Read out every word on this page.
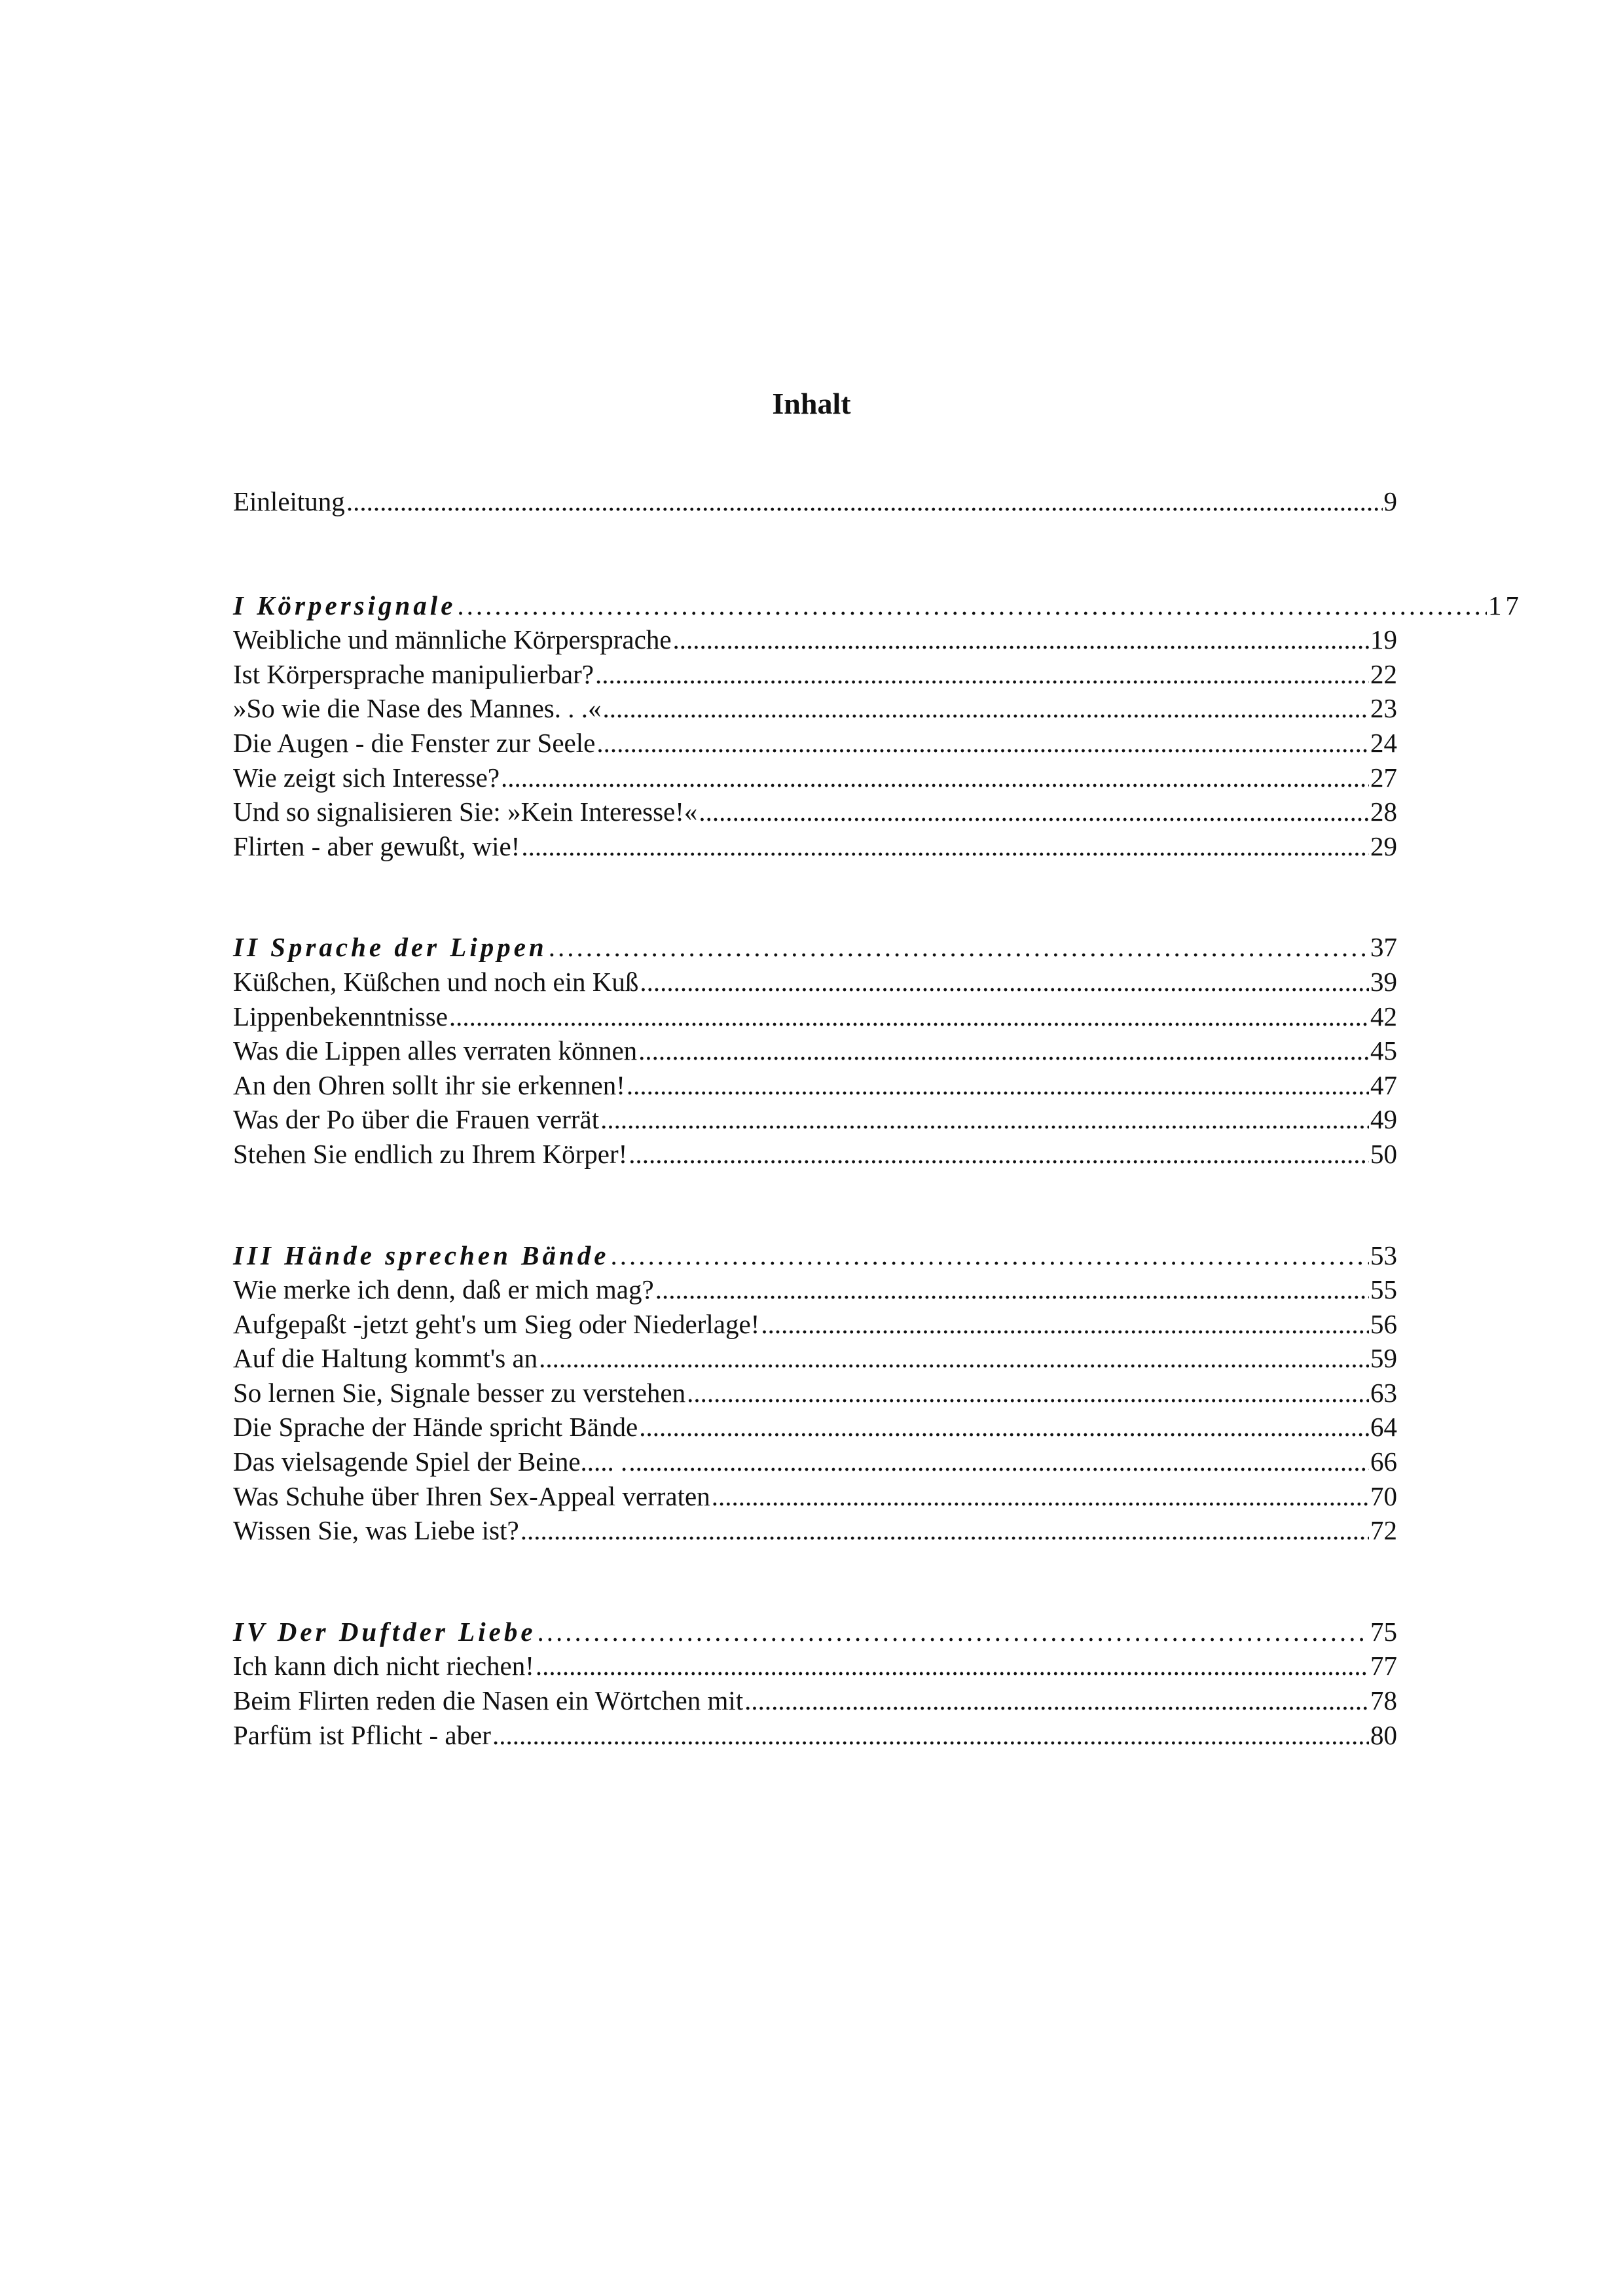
Inhalt
Einleitung .....	9
I Körpersignale .....	17
Weibliche und männliche Körpersprache .....	19
Ist Körpersprache manipulierbar? .....	22
»So wie die Nase des Mannes. . .« .....	23
Die Augen - die Fenster zur Seele .....	24
Wie zeigt sich Interesse? .....	27
Und so signalisieren Sie: »Kein Interesse!« .....	28
Flirten - aber gewußt, wie! .....	29
II Sprache der Lippen .....	37
Küßchen, Küßchen und noch ein Kuß .....	39
Lippenbekenntnisse .....	42
Was die Lippen alles verraten können .....	45
An den Ohren sollt ihr sie erkennen! .....	47
Was der Po über die Frauen verrät .....	49
Stehen Sie endlich zu Ihrem Körper! .....	50
III Hände sprechen Bände .....	53
Wie merke ich denn, daß er mich mag? .....	55
Aufgepaßt -jetzt geht's um Sieg oder Niederlage! .....	56
Auf die Haltung kommt's an .....	59
So lernen Sie, Signale besser zu verstehen .....	63
Die Sprache der Hände spricht Bände .....	64
Das vielsagende Spiel der Beine..... . .....	66
Was Schuhe über Ihren Sex-Appeal verraten .....	70
Wissen Sie, was Liebe ist? .....	72
IV Der Duftder Liebe .....	75
Ich kann dich nicht riechen! .....	77
Beim Flirten reden die Nasen ein Wörtchen mit .....	78
Parfüm ist Pflicht - aber .....	80
